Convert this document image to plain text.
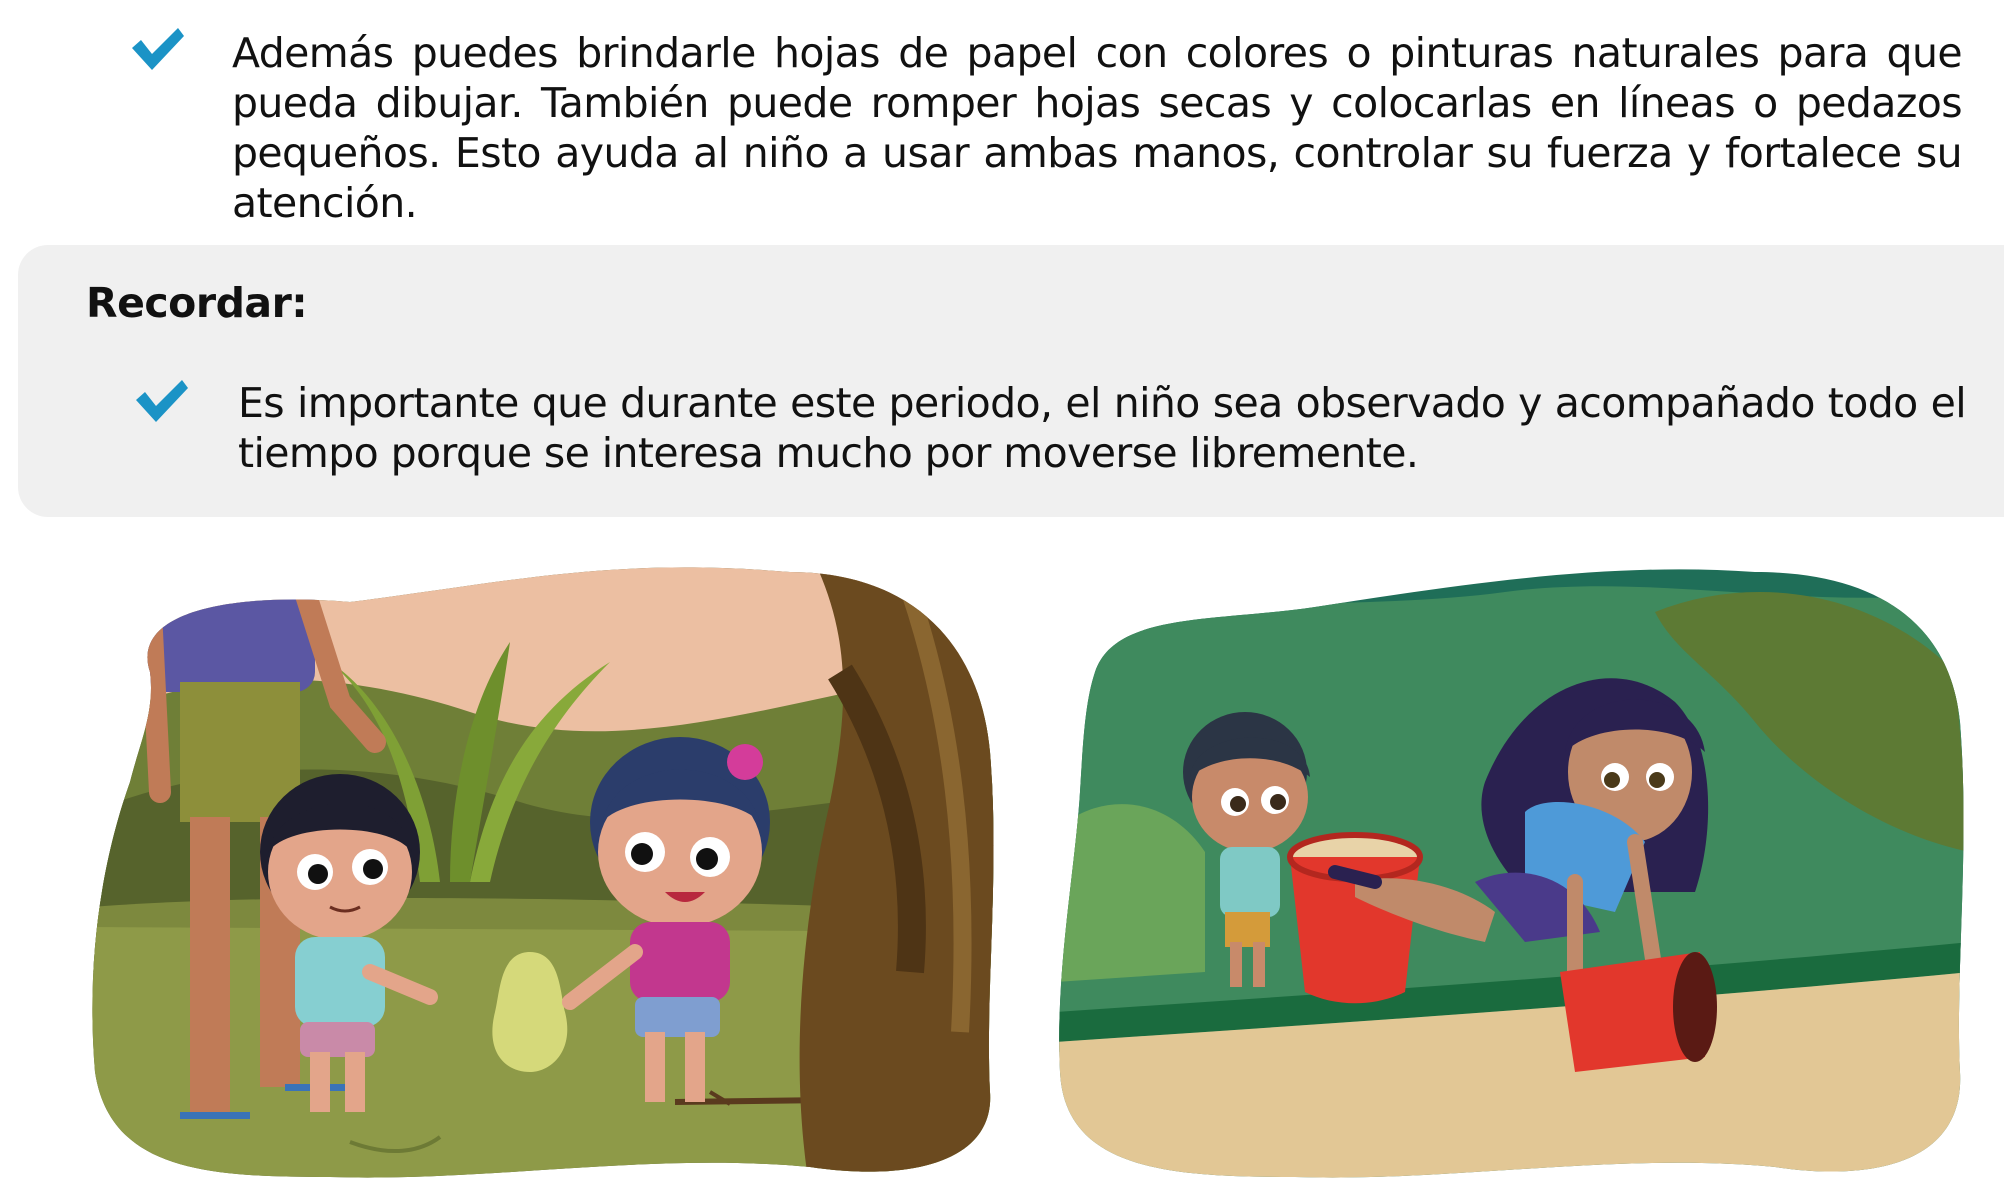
Además puedes brindarle hojas de papel con colores o pinturas naturales para que pueda dibujar. También puede romper hojas secas y colocarlas en líneas o pedazos pequeños. Esto ayuda al niño a usar ambas manos, controlar su fuerza y fortalece su atención.

Recordar:

Es importante que durante este periodo, el niño sea observado y acompañado todo el tiempo porque se interesa mucho por moverse libremente.
